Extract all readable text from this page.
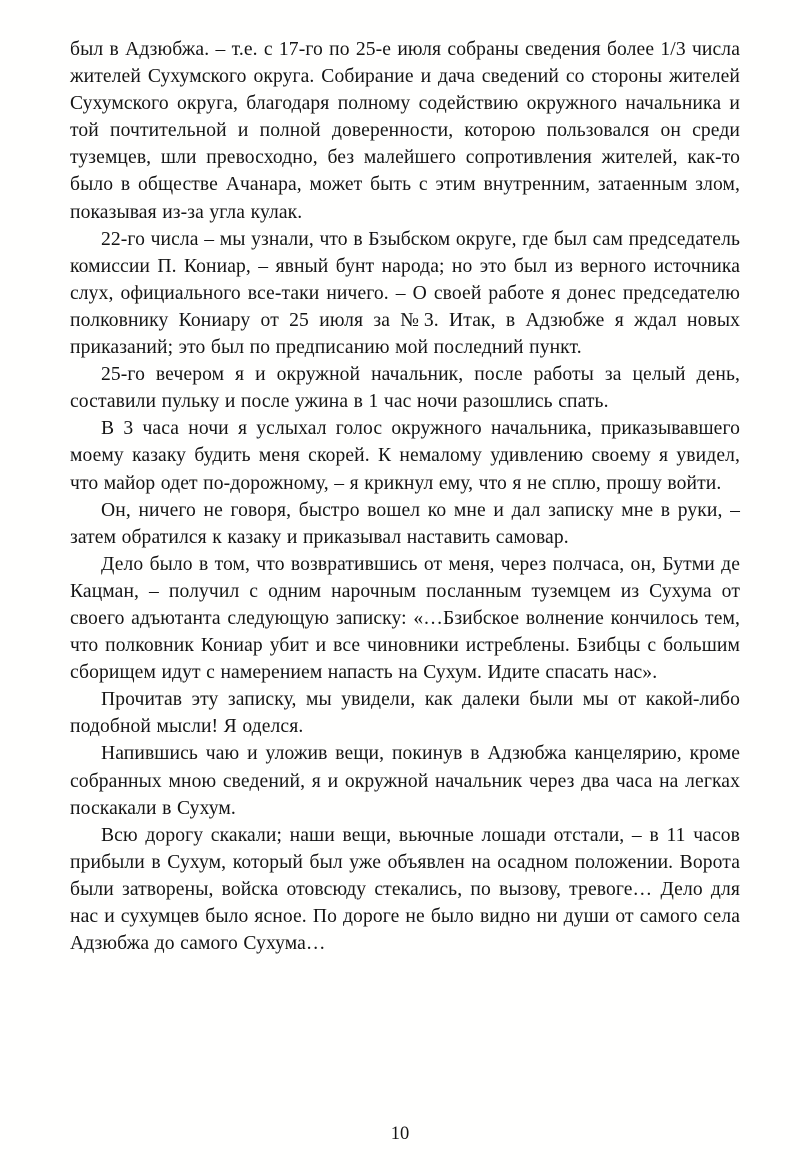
был в Адзюбжа. – т.е. с 17-го по 25-е июля собраны сведения более 1/3 числа жителей Сухумского округа. Собирание и дача сведений со стороны жителей Сухумского округа, благодаря полному содействию окружного начальника и той почтительной и полной доверенности, которою пользовался он среди туземцев, шли превосходно, без малейшего сопротивления жителей, как-то было в обществе Ачанара, может быть с этим внутренним, затаенным злом, показывая из-за угла кулак.

22-го числа – мы узнали, что в Бзыбском округе, где был сам председатель комиссии П. Кониар, – явный бунт народа; но это был из верного источника слух, официального все-таки ничего. – О своей работе я донес председателю полковнику Кониару от 25 июля за №3. Итак, в Адзюбже я ждал новых приказаний; это был по предписанию мой последний пункт.

25-го вечером я и окружной начальник, после работы за целый день, составили пульку и после ужина в 1 час ночи разошлись спать.

В 3 часа ночи я услыхал голос окружного начальника, приказывавшего моему казаку будить меня скорей. К немалому удивлению своему я увидел, что майор одет по-дорожному, – я крикнул ему, что я не сплю, прошу войти.

Он, ничего не говоря, быстро вошел ко мне и дал записку мне в руки, – затем обратился к казаку и приказывал наставить самовар.

Дело было в том, что возвратившись от меня, через полчаса, он, Бутми де Кацман, – получил с одним нарочным посланным туземцем из Сухума от своего адъютанта следующую записку: «…Бзибское волнение кончилось тем, что полковник Кониар убит и все чиновники истреблены. Бзибцы с большим сборищем идут с намерением напасть на Сухум. Идите спасать нас».

Прочитав эту записку, мы увидели, как далеки были мы от какой-либо подобной мысли! Я оделся.

Напившись чаю и уложив вещи, покинув в Адзюбжа канцелярию, кроме собранных мною сведений, я и окружной начальник через два часа на легках поскакали в Сухум.

Всю дорогу скакали; наши вещи, вьючные лошади отстали, – в 11 часов прибыли в Сухум, который был уже объявлен на осадном положении. Ворота были затворены, войска отовсюду стекались, по вызову, тревоге… Дело для нас и сухумцев было ясное. По дороге не было видно ни души от самого села Адзюбжа до самого Сухума…

10
